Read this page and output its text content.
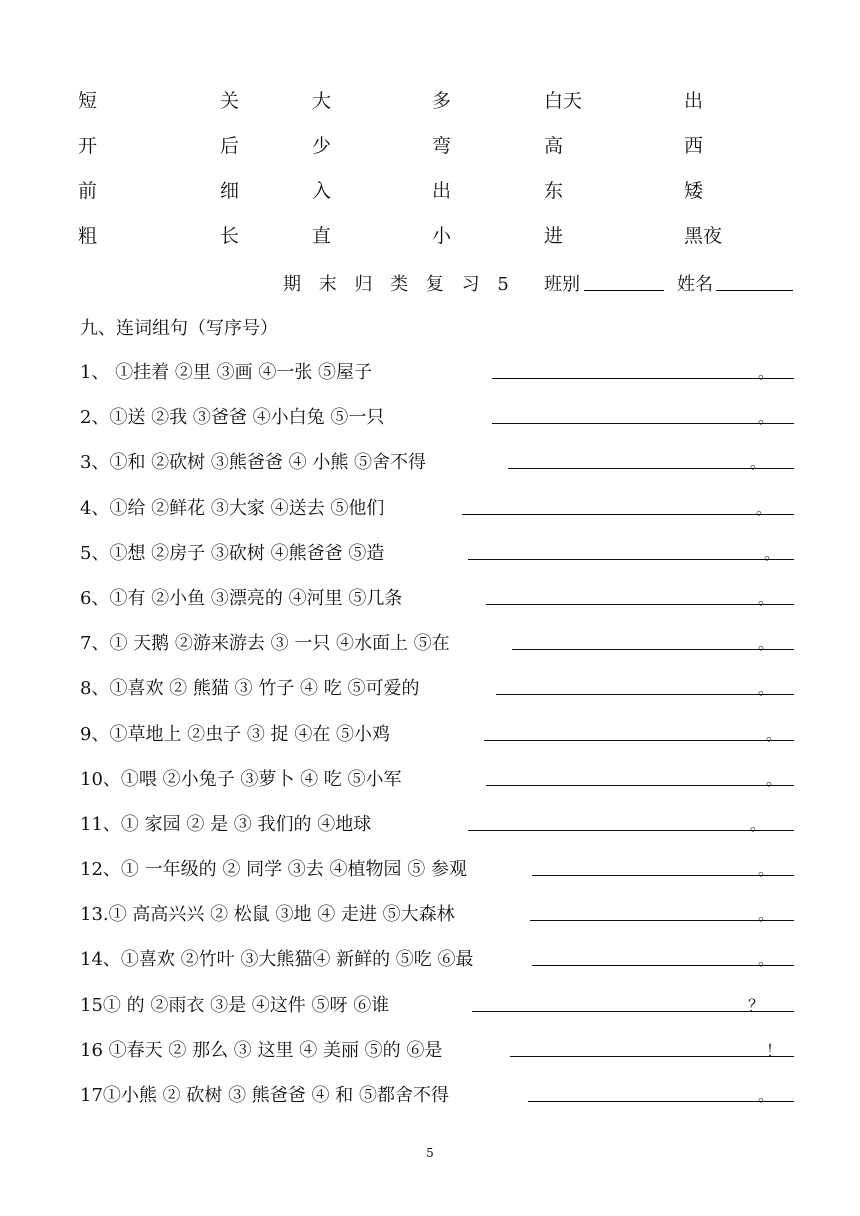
短	关	大	多	白天	出
开	后	少	弯	高	西
前	细	入	出	东	矮
粗	长	直	小	进	黑夜
期 末 归 类 复 习 5 班别	姓名
九、连词组句（写序号）
1、 ①挂着 ②里 ③画 ④一张 ⑤屋子	。
2、①送 ②我 ③爸爸 ④小白兔 ⑤一只	。
3、①和 ②砍树 ③熊爸爸 ④ 小熊 ⑤舍不得	。
4、①给 ②鲜花 ③大家 ④送去 ⑤他们	。
5、①想 ②房子 ③砍树 ④熊爸爸 ⑤造	。
6、①有 ②小鱼 ③漂亮的 ④河里 ⑤几条	。
7、① 天鹅 ②游来游去 ③ 一只 ④水面上 ⑤在	。
8、①喜欢 ② 熊猫 ③ 竹子 ④ 吃 ⑤可爱的	。
9、①草地上 ②虫子 ③ 捉 ④在 ⑤小鸡	。
10、①喂 ②小兔子 ③萝卜 ④ 吃 ⑤小军	。
11、① 家园 ② 是 ③ 我们的 ④地球	。
12、① 一年级的 ② 同学 ③去 ④植物园 ⑤ 参观	。
13.① 高高兴兴 ② 松鼠 ③地 ④ 走进 ⑤大森林	。
14、①喜欢 ②竹叶 ③大熊猫④ 新鲜的 ⑤吃 ⑥最	。
15① 的 ②雨衣 ③是 ④这件 ⑤呀 ⑥谁	？
16 ①春天 ② 那么 ③ 这里 ④ 美丽 ⑤的 ⑥是	！
17①小熊 ② 砍树 ③ 熊爸爸 ④ 和 ⑤都舍不得	。
5
